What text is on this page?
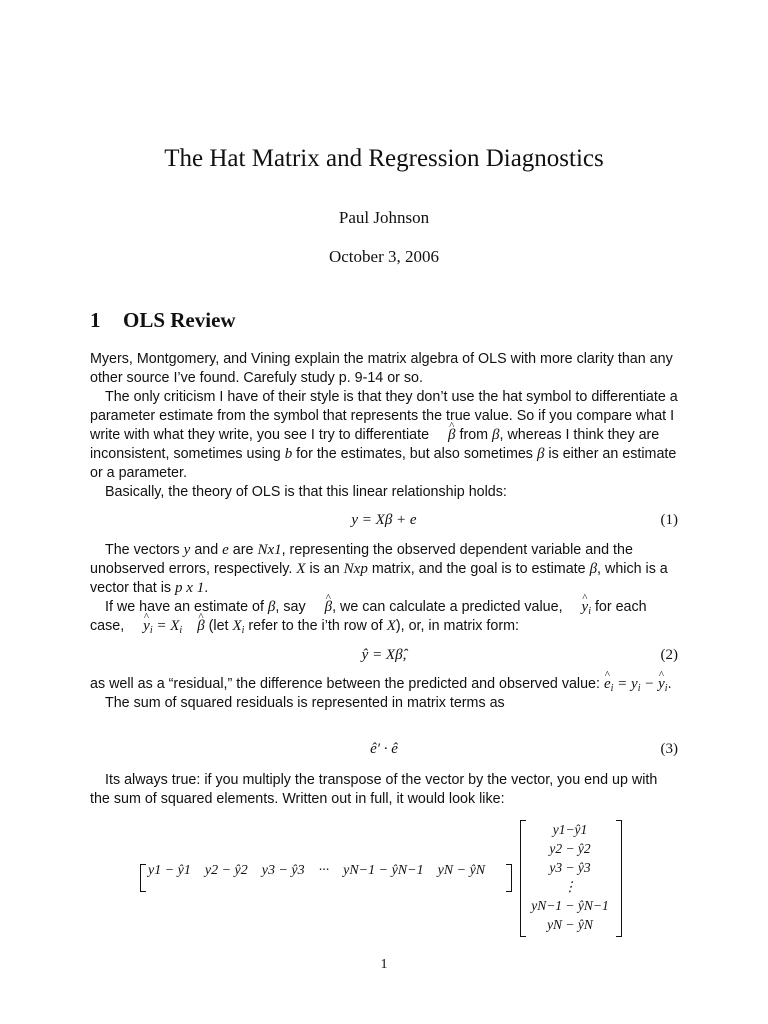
The Hat Matrix and Regression Diagnostics
Paul Johnson
October 3, 2006
1 OLS Review

Myers, Montgomery, and Vining explain the matrix algebra of OLS with more clarity than any other source I’ve found. Carefuly study p. 9-14 or so.

The only criticism I have of their style is that they don’t use the hat symbol to differentiate a parameter estimate from the symbol that represents the true value. So if you compare what I write with what they write, you see I try to differentiate β ^ from β, whereas I think they are inconsistent, sometimes using b for the estimates, but also sometimes β is either an estimate or a parameter.

Basically, the theory of OLS is that this linear relationship holds:

y = Xβ + e	(1)

The vectors y and e are Nx1, representing the observed dependent variable and the unobserved errors, respectively. X is an Nxp matrix, and the goal is to estimate β, which is a vector that is p x 1.

If we have an estimate of β, say β ^, we can calculate a predicted value, y $\^{}_i$ for each case, y $\^{}_i = X_i$ β ^ (let $X_i$ refer to the i’th row of X), or, in matrix form:

ŷ = Xβ̂,	(2)

as well as a “residual,” the difference between the predicted and observed value: e $\^{}_i = y_i - y$ $\^{}_i$.

The sum of squared residuals is represented in matrix terms as

ê′ · ê	(3)

Its always true: if you multiply the transpose of the vector by the vector, you end up with the sum of squared elements. Written out in full, it would look like:

y1 − ŷ1 y2 − ŷ2 y3 − ŷ3 ··· yN−1 − ŷN−1 yN − ŷN
y1−ŷ1
y2 − ŷ2
y3 − ŷ3
⋮
yN−1 − ŷN−1
yN − ŷN
1
